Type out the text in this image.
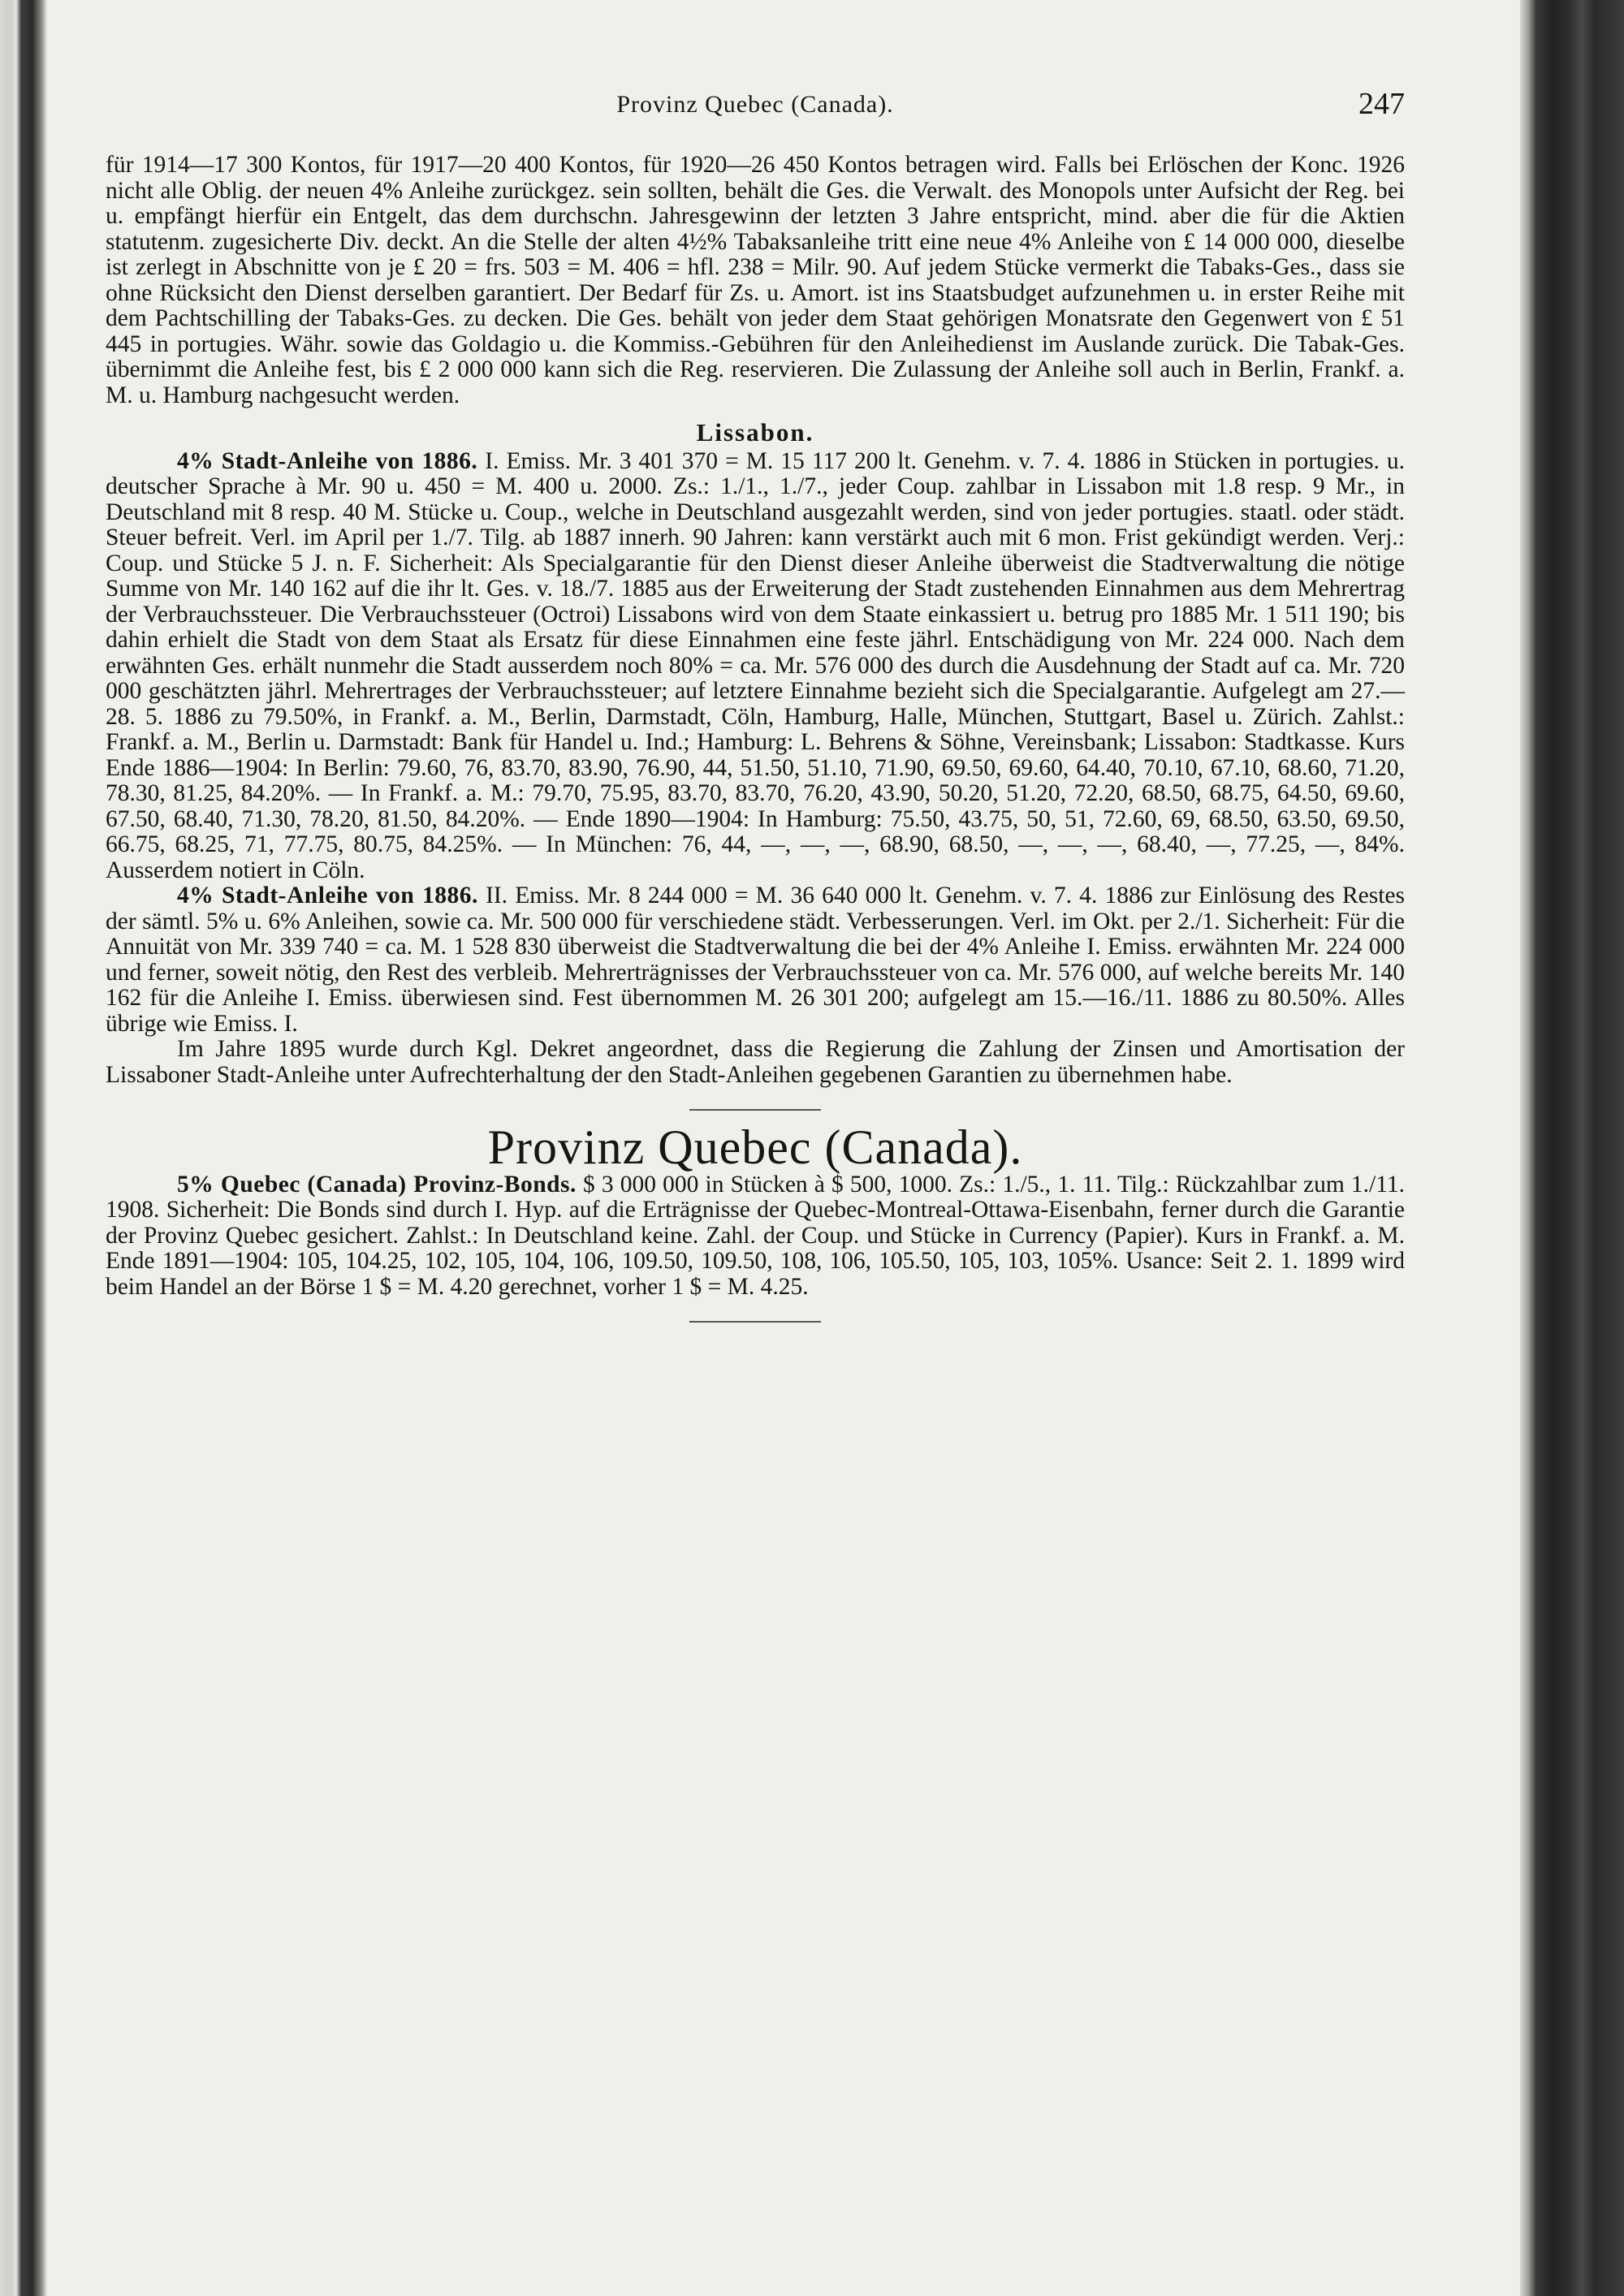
Provinz Quebec (Canada).	247

für 1914—17 300 Kontos, für 1917—20 400 Kontos, für 1920—26 450 Kontos betragen wird. Falls bei Erlöschen der Konc. 1926 nicht alle Oblig. der neuen 4% Anleihe zurückgez. sein sollten, behält die Ges. die Verwalt. des Monopols unter Aufsicht der Reg. bei u. empfängt hierfür ein Entgelt, das dem durchschn. Jahresgewinn der letzten 3 Jahre entspricht, mind. aber die für die Aktien statutenm. zugesicherte Div. deckt. An die Stelle der alten 4½% Tabaksanleihe tritt eine neue 4% Anleihe von £ 14 000 000, dieselbe ist zerlegt in Abschnitte von je £ 20 = frs. 503 = M. 406 = hfl. 238 = Milr. 90. Auf jedem Stücke vermerkt die Tabaks-Ges., dass sie ohne Rücksicht den Dienst derselben garantiert. Der Bedarf für Zs. u. Amort. ist ins Staatsbudget aufzunehmen u. in erster Reihe mit dem Pachtschilling der Tabaks-Ges. zu decken. Die Ges. behält von jeder dem Staat gehörigen Monatsrate den Gegenwert von £ 51 445 in portugies. Währ. sowie das Goldagio u. die Kommiss.-Gebühren für den Anleihedienst im Auslande zurück. Die Tabak-Ges. übernimmt die Anleihe fest, bis £ 2 000 000 kann sich die Reg. reservieren. Die Zulassung der Anleihe soll auch in Berlin, Frankf. a. M. u. Hamburg nachgesucht werden.

Lissabon.

4% Stadt-Anleihe von 1886. I. Emiss. Mr. 3 401 370 = M. 15 117 200 lt. Genehm. v. 7. 4. 1886 in Stücken in portugies. u. deutscher Sprache à Mr. 90 u. 450 = M. 400 u. 2000. Zs.: 1./1., 1./7., jeder Coup. zahlbar in Lissabon mit 1.8 resp. 9 Mr., in Deutschland mit 8 resp. 40 M. Stücke u. Coup., welche in Deutschland ausgezahlt werden, sind von jeder portugies. staatl. oder städt. Steuer befreit. Verl. im April per 1./7. Tilg. ab 1887 innerh. 90 Jahren: kann verstärkt auch mit 6 mon. Frist gekündigt werden. Verj.: Coup. und Stücke 5 J. n. F. Sicherheit: Als Specialgarantie für den Dienst dieser Anleihe überweist die Stadtverwaltung die nötige Summe von Mr. 140 162 auf die ihr lt. Ges. v. 18./7. 1885 aus der Erweiterung der Stadt zustehenden Einnahmen aus dem Mehrertrag der Verbrauchssteuer. Die Verbrauchssteuer (Octroi) Lissabons wird von dem Staate einkassiert u. betrug pro 1885 Mr. 1 511 190; bis dahin erhielt die Stadt von dem Staat als Ersatz für diese Einnahmen eine feste jährl. Entschädigung von Mr. 224 000. Nach dem erwähnten Ges. erhält nunmehr die Stadt ausserdem noch 80% = ca. Mr. 576 000 des durch die Ausdehnung der Stadt auf ca. Mr. 720 000 geschätzten jährl. Mehrertrages der Verbrauchssteuer; auf letztere Einnahme bezieht sich die Specialgarantie. Aufgelegt am 27.—28. 5. 1886 zu 79.50%, in Frankf. a. M., Berlin, Darmstadt, Cöln, Hamburg, Halle, München, Stuttgart, Basel u. Zürich. Zahlst.: Frankf. a. M., Berlin u. Darmstadt: Bank für Handel u. Ind.; Hamburg: L. Behrens & Söhne, Vereinsbank; Lissabon: Stadtkasse. Kurs Ende 1886—1904: In Berlin: 79.60, 76, 83.70, 83.90, 76.90, 44, 51.50, 51.10, 71.90, 69.50, 69.60, 64.40, 70.10, 67.10, 68.60, 71.20, 78.30, 81.25, 84.20%. — In Frankf. a. M.: 79.70, 75.95, 83.70, 83.70, 76.20, 43.90, 50.20, 51.20, 72.20, 68.50, 68.75, 64.50, 69.60, 67.50, 68.40, 71.30, 78.20, 81.50, 84.20%. — Ende 1890—1904: In Hamburg: 75.50, 43.75, 50, 51, 72.60, 69, 68.50, 63.50, 69.50, 66.75, 68.25, 71, 77.75, 80.75, 84.25%. — In München: 76, 44, —, —, —, 68.90, 68.50, —, —, —, 68.40, —, 77.25, —, 84%. Ausserdem notiert in Cöln.

4% Stadt-Anleihe von 1886. II. Emiss. Mr. 8 244 000 = M. 36 640 000 lt. Genehm. v. 7. 4. 1886 zur Einlösung des Restes der sämtl. 5% u. 6% Anleihen, sowie ca. Mr. 500 000 für verschiedene städt. Verbesserungen. Verl. im Okt. per 2./1. Sicherheit: Für die Annuität von Mr. 339 740 = ca. M. 1 528 830 überweist die Stadtverwaltung die bei der 4% Anleihe I. Emiss. erwähnten Mr. 224 000 und ferner, soweit nötig, den Rest des verbleib. Mehrerträgnisses der Verbrauchssteuer von ca. Mr. 576 000, auf welche bereits Mr. 140 162 für die Anleihe I. Emiss. überwiesen sind. Fest übernommen M. 26 301 200; aufgelegt am 15.—16./11. 1886 zu 80.50%. Alles übrige wie Emiss. I.

Im Jahre 1895 wurde durch Kgl. Dekret angeordnet, dass die Regierung die Zahlung der Zinsen und Amortisation der Lissaboner Stadt-Anleihe unter Aufrechterhaltung der den Stadt-Anleihen gegebenen Garantien zu übernehmen habe.

Provinz Quebec (Canada).

5% Quebec (Canada) Provinz-Bonds. $ 3 000 000 in Stücken à $ 500, 1000. Zs.: 1./5., 1. 11. Tilg.: Rückzahlbar zum 1./11. 1908. Sicherheit: Die Bonds sind durch I. Hyp. auf die Erträgnisse der Quebec-Montreal-Ottawa-Eisenbahn, ferner durch die Garantie der Provinz Quebec gesichert. Zahlst.: In Deutschland keine. Zahl. der Coup. und Stücke in Currency (Papier). Kurs in Frankf. a. M. Ende 1891—1904: 105, 104.25, 102, 105, 104, 106, 109.50, 109.50, 108, 106, 105.50, 105, 103, 105%. Usance: Seit 2. 1. 1899 wird beim Handel an der Börse 1 $ = M. 4.20 gerechnet, vorher 1 $ = M. 4.25.
